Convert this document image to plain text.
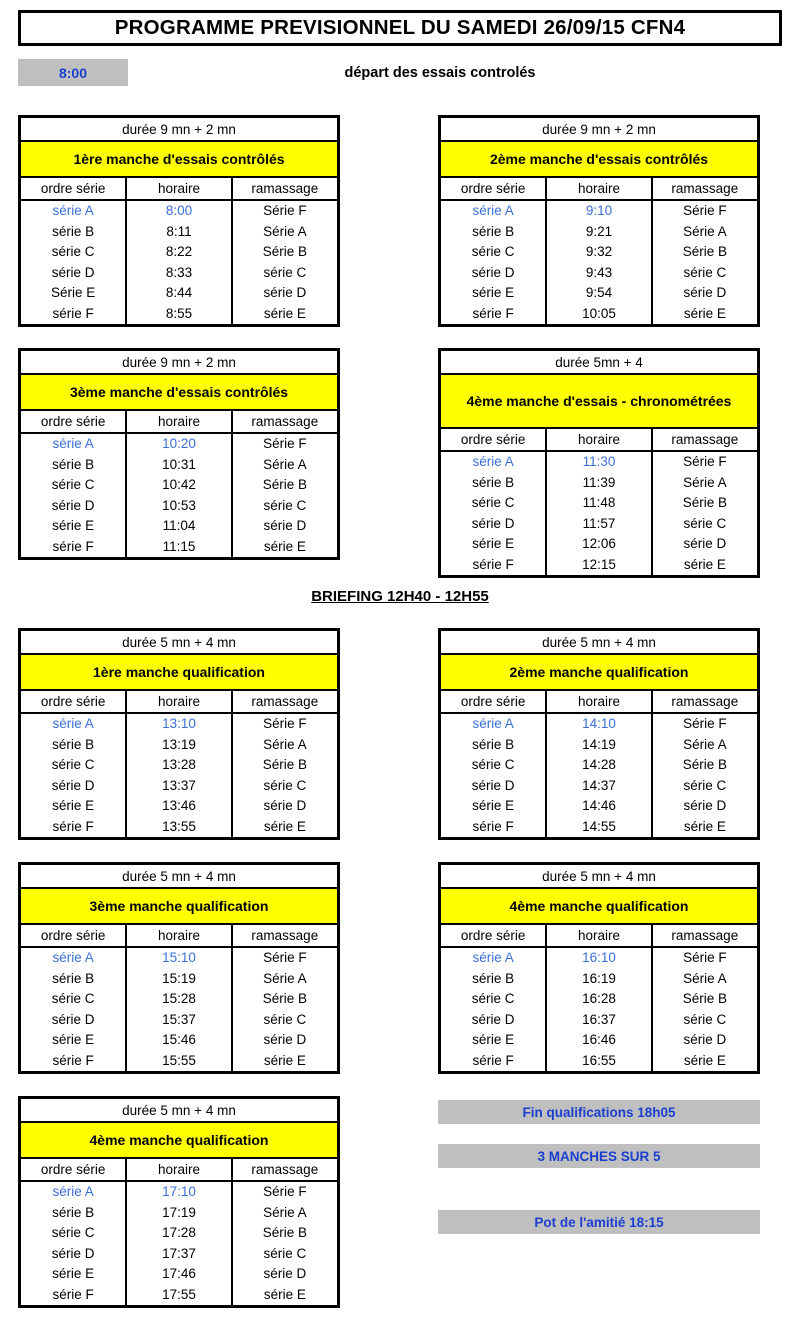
PROGRAMME PREVISIONNEL DU SAMEDI 26/09/15 CFN4
8:00	départ des essais controlés
BRIEFING 12H40 - 12H55
durée 9 mn + 2 mn
1ère manche d'essais contrôlés
ordre série	horaire	ramassage
série A	8:00	Série F
série B	8:11	Série A
série C	8:22	Série B
série D	8:33	série C
Série E	8:44	série D
série F	8:55	série E
durée 9 mn + 2 mn
2ème manche d'essais contrôlés
ordre série	horaire	ramassage
série A	9:10	Série F
série B	9:21	Série A
série C	9:32	Série B
série D	9:43	série C
série E	9:54	série D
série F	10:05	série E
durée 9 mn + 2 mn
3ème manche d'essais contrôlés
ordre série	horaire	ramassage
série A	10:20	Série F
série B	10:31	Série A
série C	10:42	Série B
série D	10:53	série C
série E	11:04	série D
série F	11:15	série E
durée 5mn + 4
4ème manche d'essais - chronométrées
ordre série	horaire	ramassage
série A	11:30	Série F
série B	11:39	Série A
série C	11:48	Série B
série D	11:57	série C
série E	12:06	série D
série F	12:15	série E
durée 5 mn + 4 mn
1ère manche qualification
ordre série	horaire	ramassage
série A	13:10	Série F
série B	13:19	Série A
série C	13:28	Série B
série D	13:37	série C
série E	13:46	série D
série F	13:55	série E
durée 5 mn + 4 mn
2ème manche qualification
ordre série	horaire	ramassage
série A	14:10	Série F
série B	14:19	Série A
série C	14:28	Série B
série D	14:37	série C
série E	14:46	série D
série F	14:55	série E
durée 5 mn + 4 mn
3ème manche qualification
ordre série	horaire	ramassage
série A	15:10	Série F
série B	15:19	Série A
série C	15:28	Série B
série D	15:37	série C
série E	15:46	série D
série F	15:55	série E
durée 5 mn + 4 mn
4ème manche qualification
ordre série	horaire	ramassage
série A	16:10	Série F
série B	16:19	Série A
série C	16:28	Série B
série D	16:37	série C
série E	16:46	série D
série F	16:55	série E
durée 5 mn + 4 mn
4ème manche qualification
ordre série	horaire	ramassage
série A	17:10	Série F
série B	17:19	Série A
série C	17:28	Série B
série D	17:37	série C
série E	17:46	série D
série F	17:55	série E
Fin qualifications 18h05
3 MANCHES SUR 5
Pot de l'amitié 18:15
